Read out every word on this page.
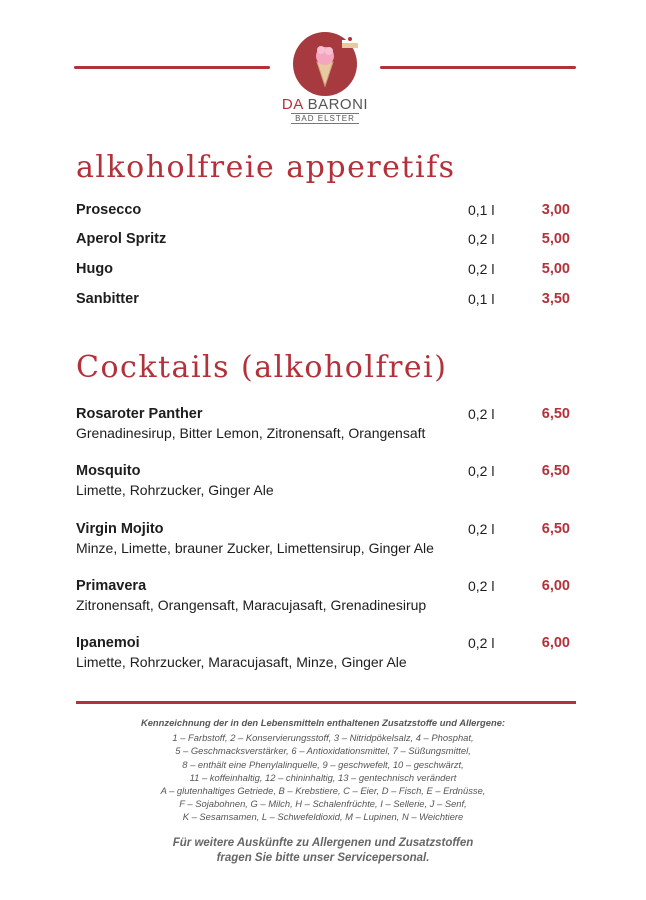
DA BARONI
BAD ELSTER
alkoholfreie apperetifs
Prosecco	0,1 l	3,00
Aperol Spritz	0,2 l	5,00
Hugo	0,2 l	5,00
Sanbitter	0,1 l	3,50
Cocktails (alkoholfrei)
Rosaroter Panther
Grenadinesirup, Bitter Lemon, Zitronensaft, Orangensaft
0,2 l	6,50
Mosquito
Limette, Rohrzucker, Ginger Ale
0,2 l	6,50
Virgin Mojito
Minze, Limette, brauner Zucker, Limettensirup, Ginger Ale
0,2 l	6,50
Primavera
Zitronensaft, Orangensaft, Maracujasaft, Grenadinesirup
0,2 l	6,00
Ipanemoi
Limette, Rohrzucker, Maracujasaft, Minze, Ginger Ale
0,2 l	6,00
Kennzeichnung der in den Lebensmitteln enthaltenen Zusatzstoffe und Allergene:
1 – Farbstoff, 2 – Konservierungsstoff, 3 – Nitridpökelsalz, 4 – Phosphat,
5 – Geschmacksverstärker, 6 – Antioxidationsmittel, 7 – Süßungsmittel,
8 – enthält eine Phenylalinquelle, 9 – geschwefelt, 10 – geschwärzt,
11 – koffeinhaltig, 12 – chininhaltig, 13 – gentechnisch verändert
A – glutenhaltiges Getriede, B – Krebstiere, C – Eier, D – Fisch, E – Erdnüsse,
F – Sojabohnen, G – Milch, H – Schalenfrüchte, I – Sellerie, J – Senf,
K – Sesamsamen, L – Schwefeldioxid, M – Lupinen, N – Weichtiere
Für weitere Auskünfte zu Allergenen und Zusatzstoffen
fragen Sie bitte unser Servicepersonal.
